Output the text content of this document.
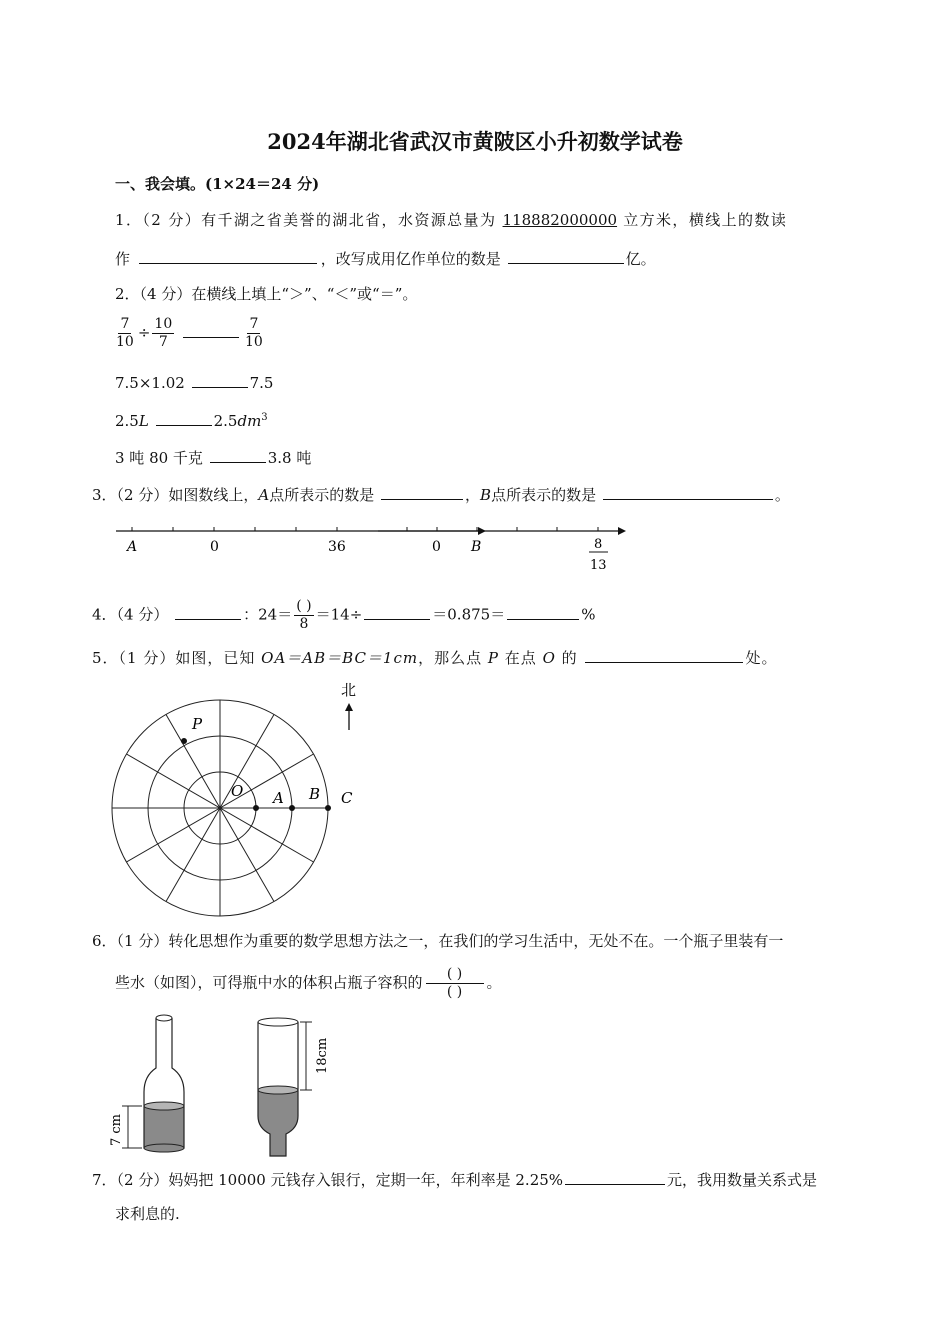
2024年湖北省武汉市黄陂区小升初数学试卷
一、我会填。(1×24＝24 分)
1．（2 分）有千湖之省美誉的湖北省，水资源总量为 118882000000 立方米，横线上的数读
作	，改写成用亿作单位的数是	亿。
2．（4 分）在横线上填上“＞”、“＜”或“＝”。
$\frac{7}{10} \div \frac{10}{7}$
	$\frac{7}{10}$
7.5×1.02	7.5
2.5L	$2.5dm^3$
3 吨 80 千克	3.8 吨
3．（2 分）如图数线上，A点所表示的数是	，B点所表示的数是	。
A	0	36	0 B	8
13
4．（4 分）	：$24= \frac{( )}{8} =14\div$	＝0.875＝	%
5．（1 分）如图，已知 OA＝AB＝BC＝1cm，那么点 P 在点 O 的	处。
北
P
O A B C
6．（1 分）转化思想作为重要的数学思想方法之一，在我们的学习生活中，无处不在。一个瓶子里装有一
些水（如图），可得瓶中水的体积占瓶子容积的 $\frac{( )}{( )}$ 。
7 cm
18cm
7．（2 分）妈妈把 10000 元钱存入银行，定期一年，年利率是 2.25%	元，我用数量关系式是
求利息的.
